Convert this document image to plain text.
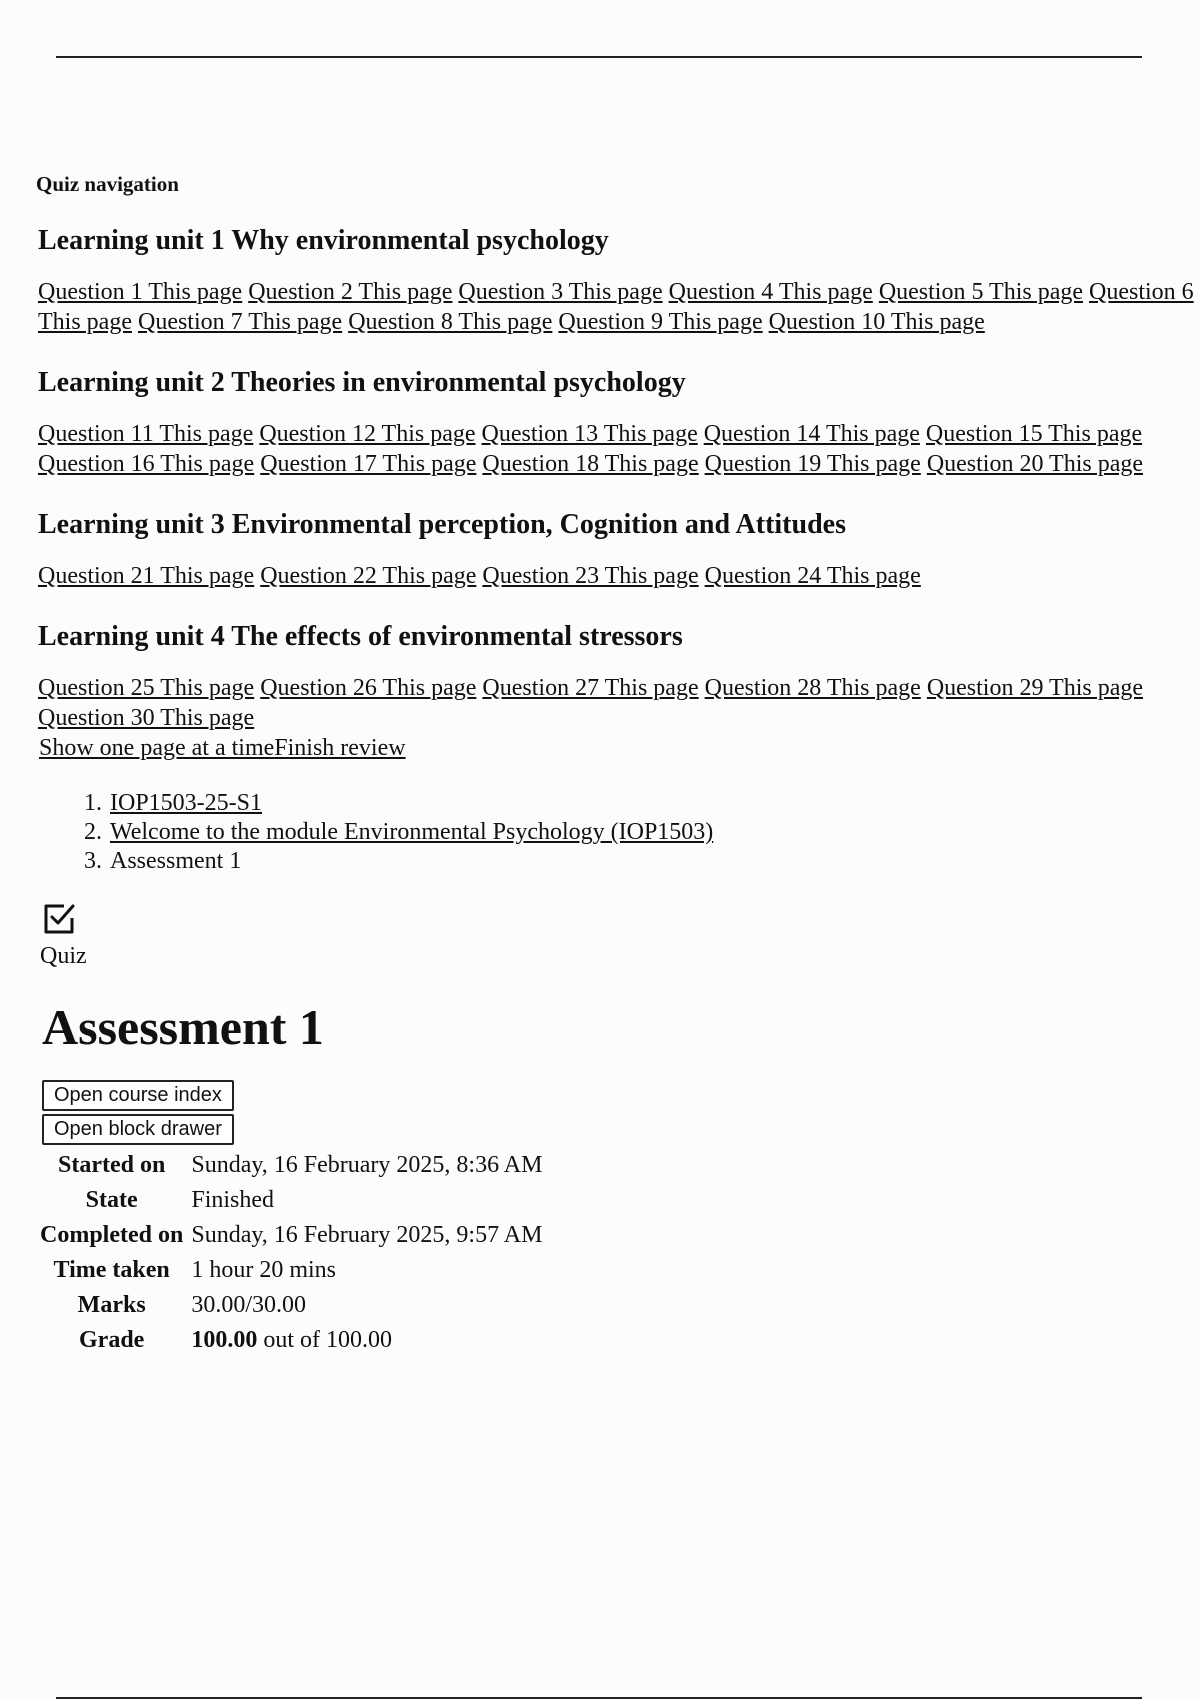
Quiz navigation
Learning unit 1 Why environmental psychology
Question 1 This page Question 2 This page Question 3 This page Question 4 This page Question 5 This page Question 6 This page Question 7 This page Question 8 This page Question 9 This page Question 10 This page
Learning unit 2 Theories in environmental psychology
Question 11 This page Question 12 This page Question 13 This page Question 14 This page Question 15 This page Question 16 This page Question 17 This page Question 18 This page Question 19 This page Question 20 This page
Learning unit 3 Environmental perception, Cognition and Attitudes
Question 21 This page Question 22 This page Question 23 This page Question 24 This page
Learning unit 4 The effects of environmental stressors
Question 25 This page Question 26 This page Question 27 This page Question 28 This page Question 29 This page Question 30 This page
Show one page at a timeFinish review
1. IOP1503-25-S1
2. Welcome to the module Environmental Psychology (IOP1503)
3. Assessment 1
Quiz
Assessment 1
Open course index
Open block drawer
Started on	Sunday, 16 February 2025, 8:36 AM
State	Finished
Completed on	Sunday, 16 February 2025, 9:57 AM
Time taken	1 hour 20 mins
Marks	30.00/30.00
Grade	100.00 out of 100.00
